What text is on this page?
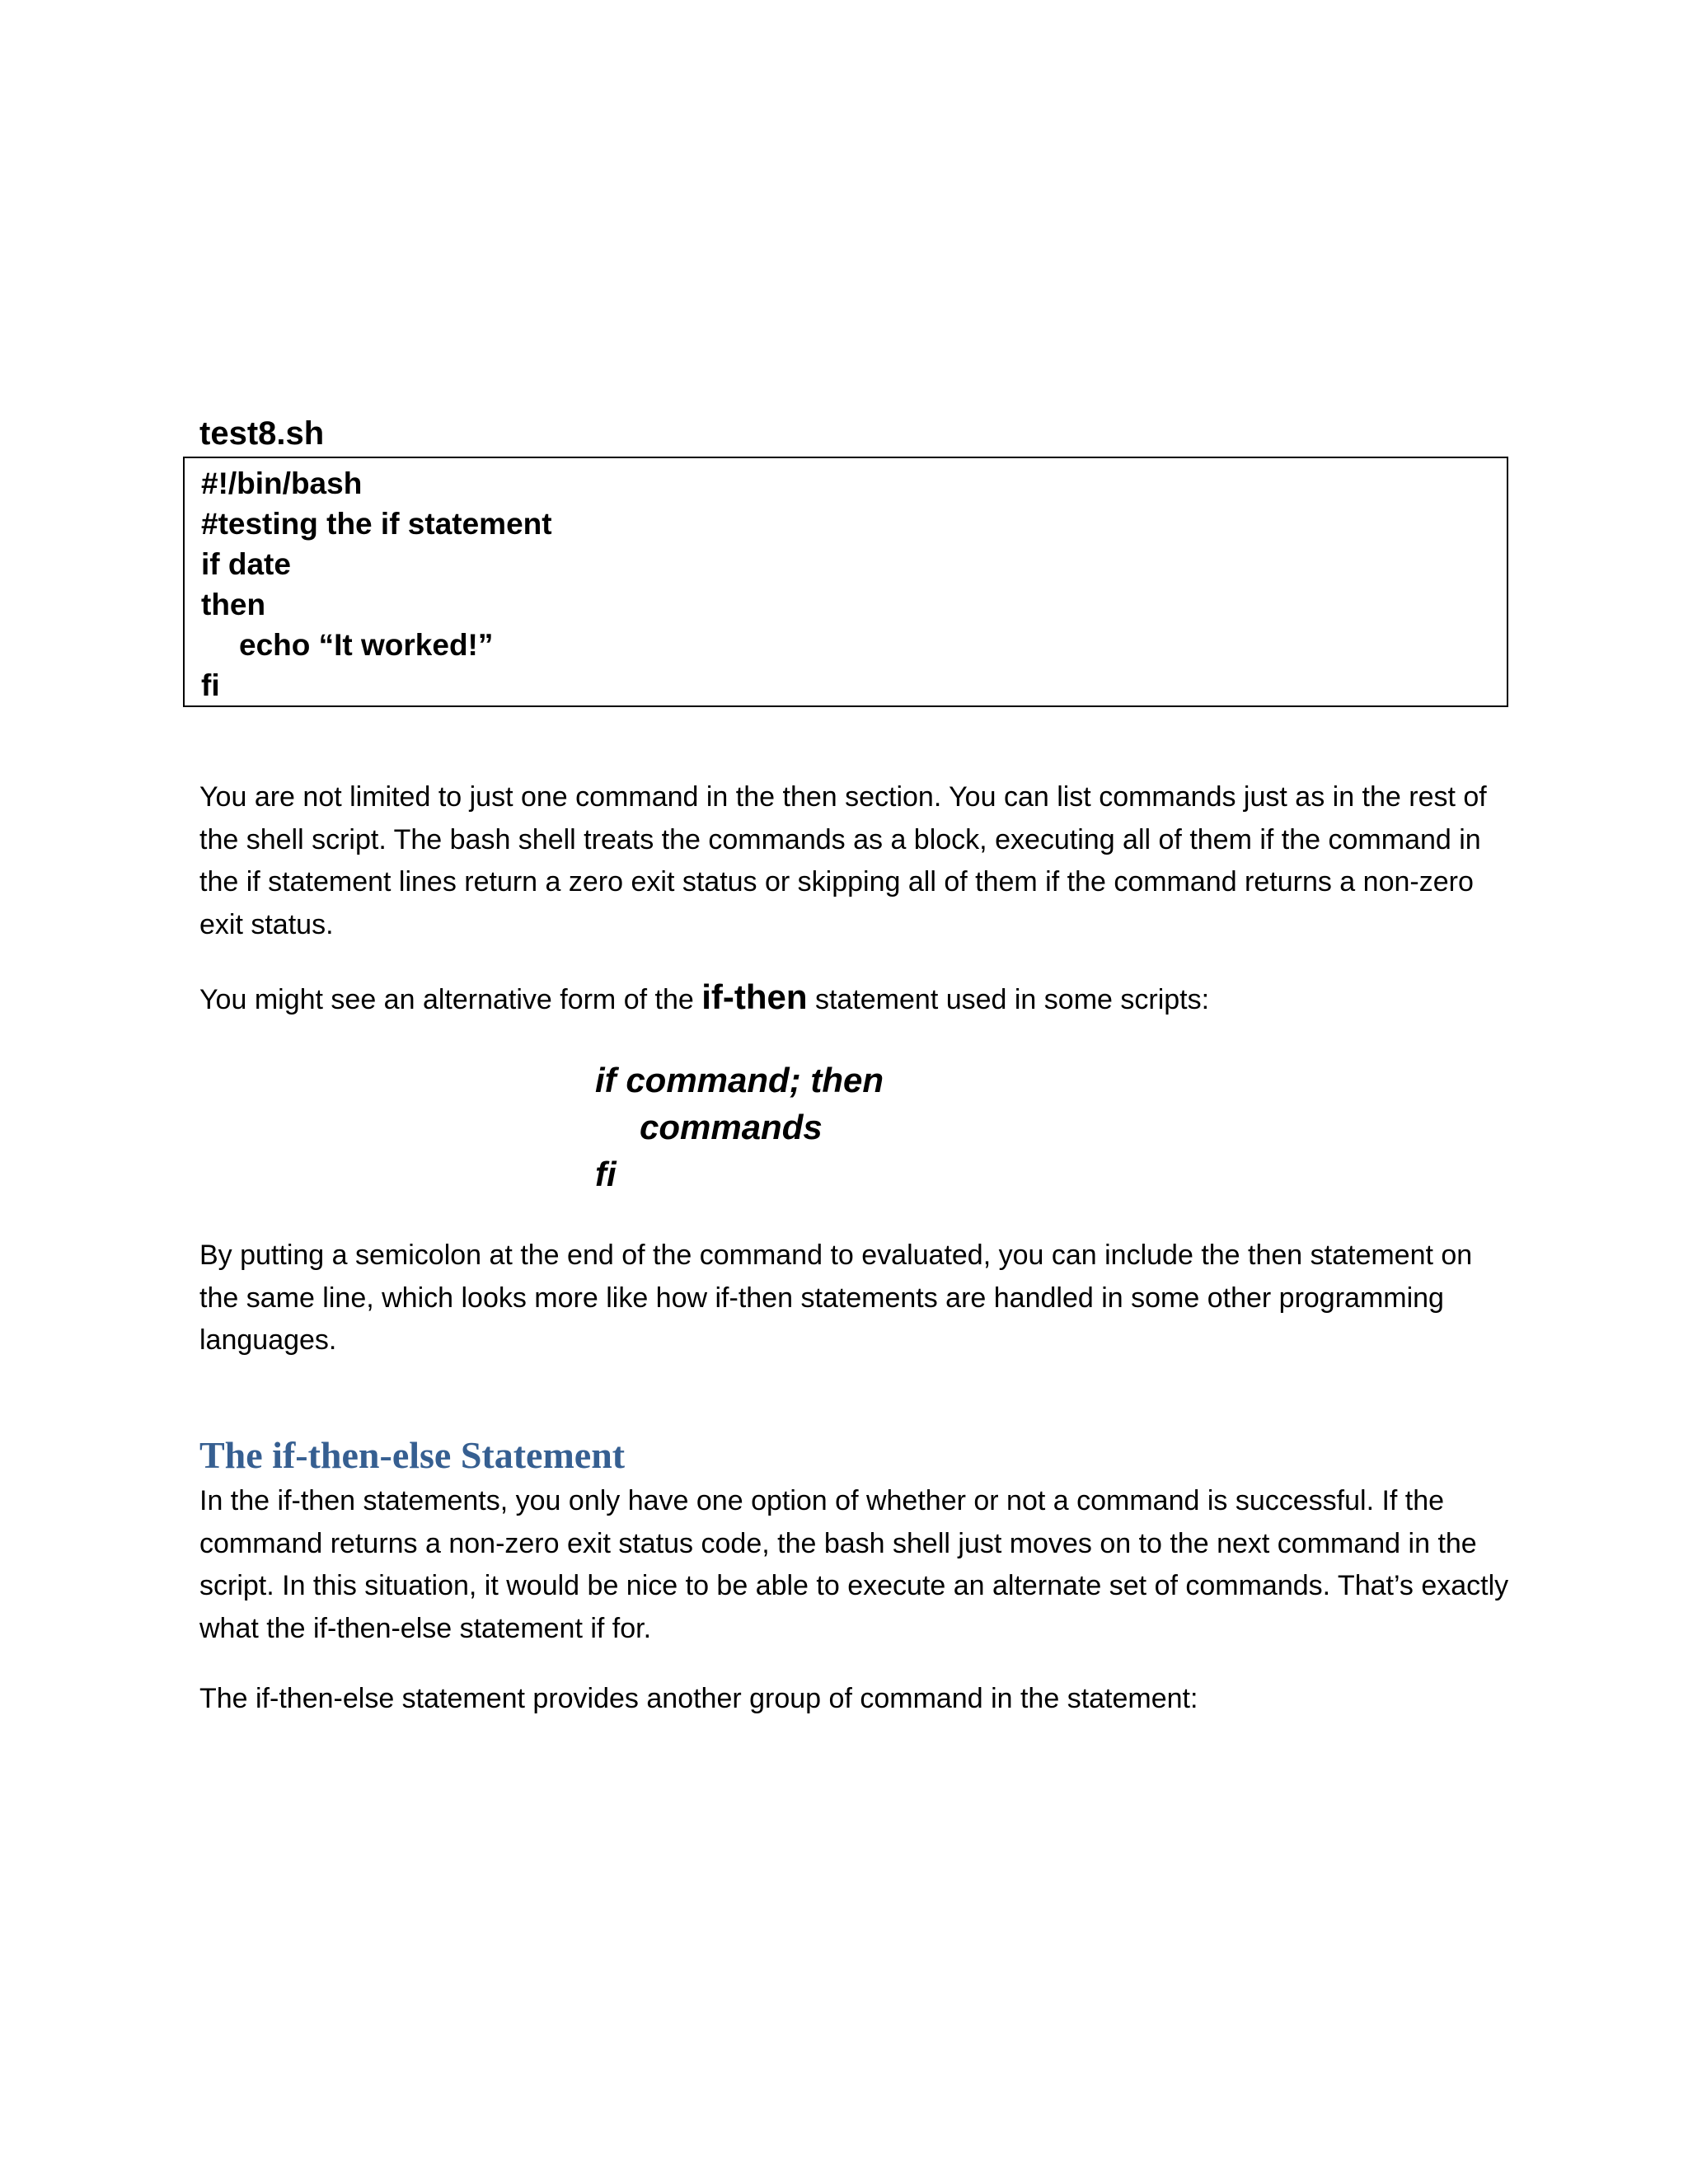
test8.sh

#!/bin/bash
#testing the if statement
if date
then
echo “It worked!”
fi

You are not limited to just one command in the then section. You can list commands just as in the rest of the shell script. The bash shell treats the commands as a block, executing all of them if the command in the if statement lines return a zero exit status or skipping all of them if the command returns a non-zero exit status.

You might see an alternative form of the if-then statement used in some scripts:

if command; then
commands
fi

By putting a semicolon at the end of the command to evaluated, you can include the then statement on the same line, which looks more like how if-then statements are handled in some other programming languages.

The if-then-else Statement

In the if-then statements, you only have one option of whether or not a command is successful. If the command returns a non-zero exit status code, the bash shell just moves on to the next command in the script. In this situation, it would be nice to be able to execute an alternate set of commands. That’s exactly what the if-then-else statement if for.

The if-then-else statement provides another group of command in the statement:
